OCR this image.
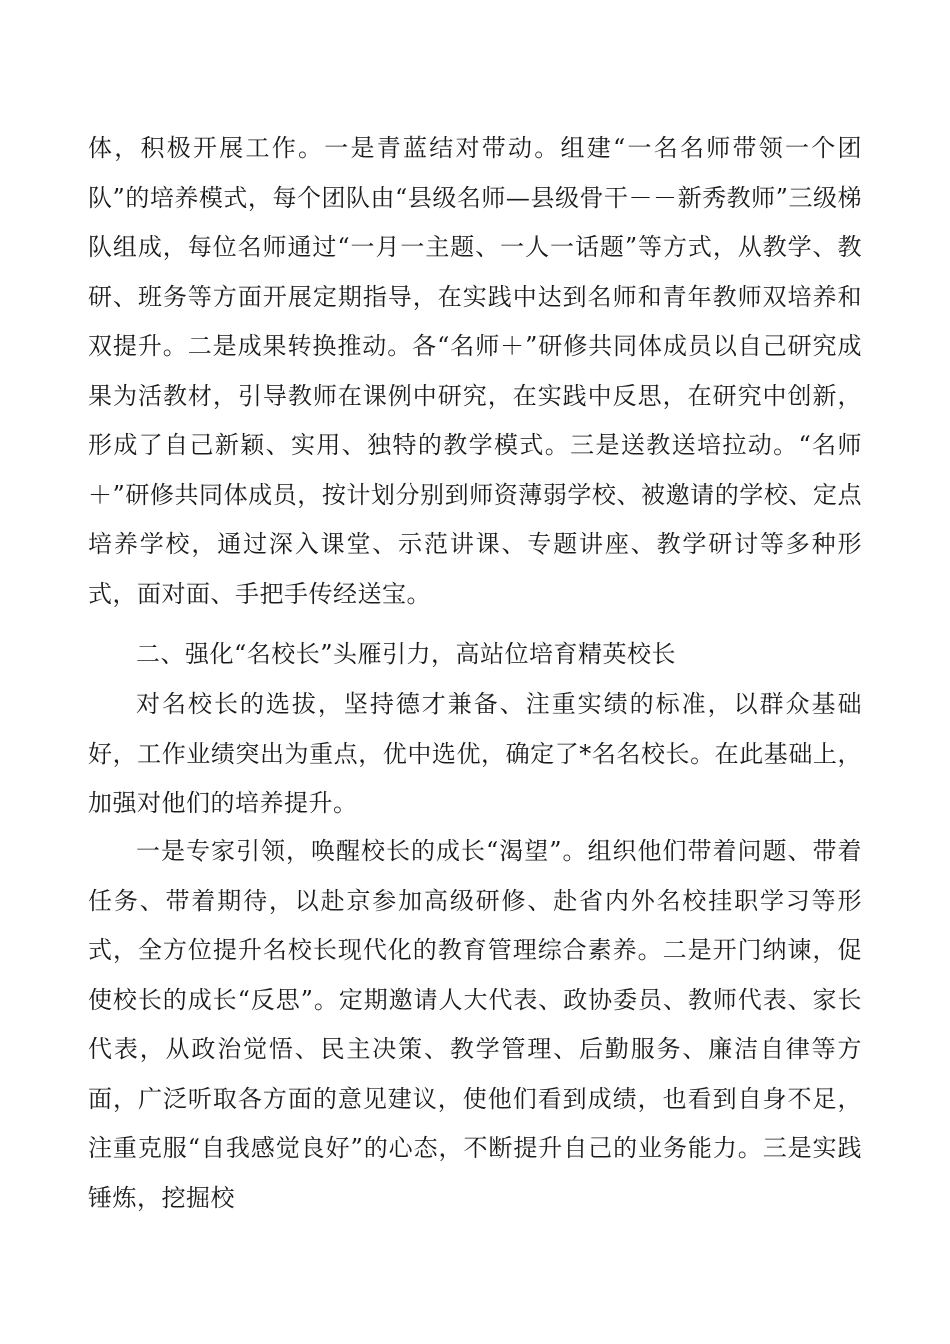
体，积极开展工作。一是青蓝结对带动。组建“一名名师带领一个团队”的培养模式，每个团队由“县级名师—县级骨干－－新秀教师”三级梯队组成，每位名师通过“一月一主题、一人一话题”等方式，从教学、教研、班务等方面开展定期指导，在实践中达到名师和青年教师双培养和双提升。二是成果转换推动。各“名师＋”研修共同体成员以自己研究成果为活教材，引导教师在课例中研究，在实践中反思，在研究中创新，形成了自己新颖、实用、独特的教学模式。三是送教送培拉动。“名师＋”研修共同体成员，按计划分别到师资薄弱学校、被邀请的学校、定点培养学校，通过深入课堂、示范讲课、专题讲座、教学研讨等多种形式，面对面、手把手传经送宝。

二、强化“名校长”头雁引力，高站位培育精英校长

对名校长的选拔，坚持德才兼备、注重实绩的标准，以群众基础好，工作业绩突出为重点，优中选优，确定了*名名校长。在此基础上，加强对他们的培养提升。

一是专家引领，唤醒校长的成长“渴望”。组织他们带着问题、带着任务、带着期待，以赴京参加高级研修、赴省内外名校挂职学习等形式，全方位提升名校长现代化的教育管理综合素养。二是开门纳谏，促使校长的成长“反思”。定期邀请人大代表、政协委员、教师代表、家长代表，从政治觉悟、民主决策、教学管理、后勤服务、廉洁自律等方面，广泛听取各方面的意见建议，使他们看到成绩，也看到自身不足，注重克服“自我感觉良好”的心态，不断提升自己的业务能力。三是实践锤炼，挖掘校
